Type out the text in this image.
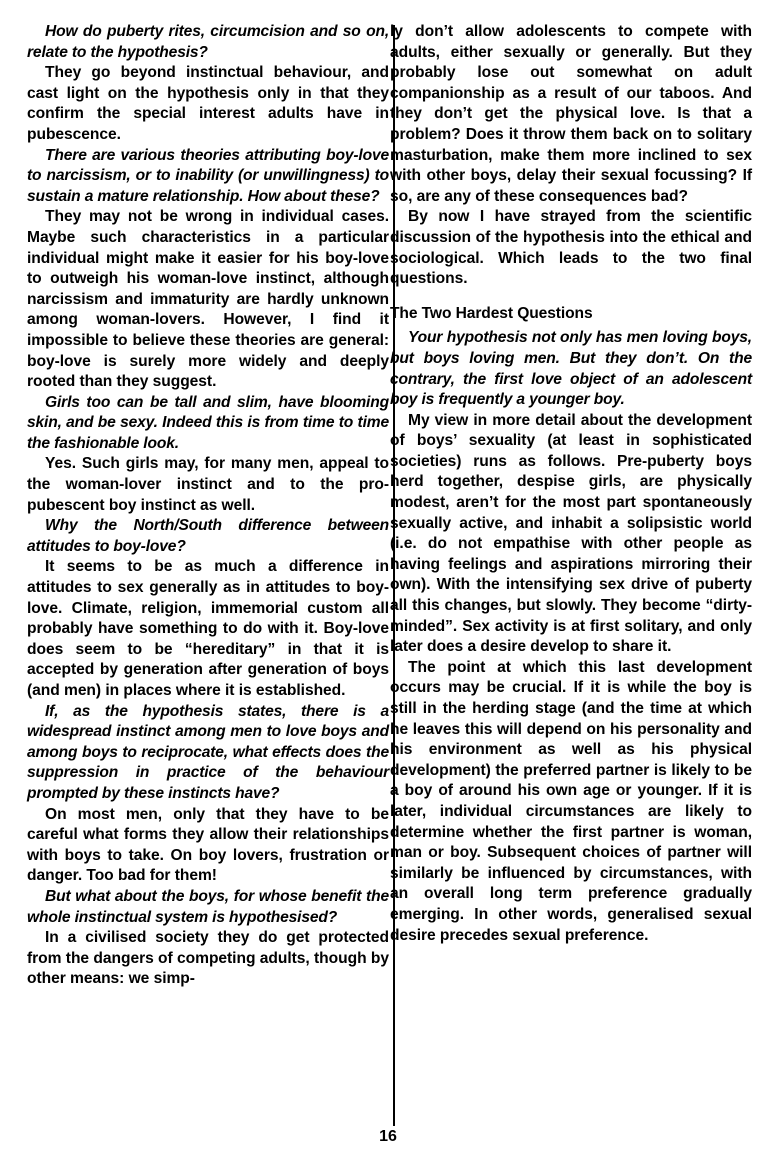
How do puberty rites, circumcision and so on, relate to the hypothesis?

They go beyond instinctual behaviour, and cast light on the hypothesis only in that they confirm the special interest adults have in pubescence.

There are various theories attributing boy-love to narcissism, or to inability (or unwillingness) to sustain a mature relationship. How about these?

They may not be wrong in individual cases. Maybe such characteristics in a particular individual might make it easier for his boy-love to outweigh his woman-love instinct, although narcissism and immaturity are hardly unknown among woman-lovers. However, I find it impossible to believe these theories are general: boy-love is surely more widely and deeply rooted than they suggest.

Girls too can be tall and slim, have blooming skin, and be sexy. Indeed this is from time to time the fashionable look.

Yes. Such girls may, for many men, appeal to the woman-lover instinct and to the pro-pubescent boy instinct as well.

Why the North/South difference between attitudes to boy-love?

It seems to be as much a difference in attitudes to sex generally as in attitudes to boy-love. Climate, religion, immemorial custom all probably have something to do with it. Boy-love does seem to be “hereditary” in that it is accepted by generation after generation of boys (and men) in places where it is established.

If, as the hypothesis states, there is a widespread instinct among men to love boys and among boys to reciprocate, what effects does the suppression in practice of the behaviour prompted by these instincts have?

On most men, only that they have to be careful what forms they allow their relationships with boys to take. On boy lovers, frustration or danger. Too bad for them!

But what about the boys, for whose benefit the whole instinctual system is hypothesised?

In a civilised society they do get protected from the dangers of competing adults, though by other means: we simp-

ly don’t allow adolescents to compete with adults, either sexually or generally. But they probably lose out somewhat on adult companionship as a result of our taboos. And they don’t get the physical love. Is that a problem? Does it throw them back on to solitary masturbation, make them more inclined to sex with other boys, delay their sexual focussing? If so, are any of these consequences bad?

By now I have strayed from the scientific discussion of the hypothesis into the ethical and sociological. Which leads to the two final questions.

The Two Hardest Questions

Your hypothesis not only has men loving boys, but boys loving men. But they don’t. On the contrary, the first love object of an adolescent boy is frequently a younger boy.

My view in more detail about the development of boys’ sexuality (at least in sophisticated societies) runs as follows. Pre-puberty boys herd together, despise girls, are physically modest, aren’t for the most part spontaneously sexually active, and inhabit a solipsistic world (i.e. do not empathise with other people as having feelings and aspirations mirroring their own). With the intensifying sex drive of puberty all this changes, but slowly. They become “dirty-minded”. Sex activity is at first solitary, and only later does a desire develop to share it.

The point at which this last development occurs may be crucial. If it is while the boy is still in the herding stage (and the time at which he leaves this will depend on his personality and his environment as well as his physical development) the preferred partner is likely to be a boy of around his own age or younger. If it is later, individual circumstances are likely to determine whether the first partner is woman, man or boy. Subsequent choices of partner will similarly be influenced by circumstances, with an overall long term preference gradually emerging. In other words, generalised sexual desire precedes sexual preference.

16
